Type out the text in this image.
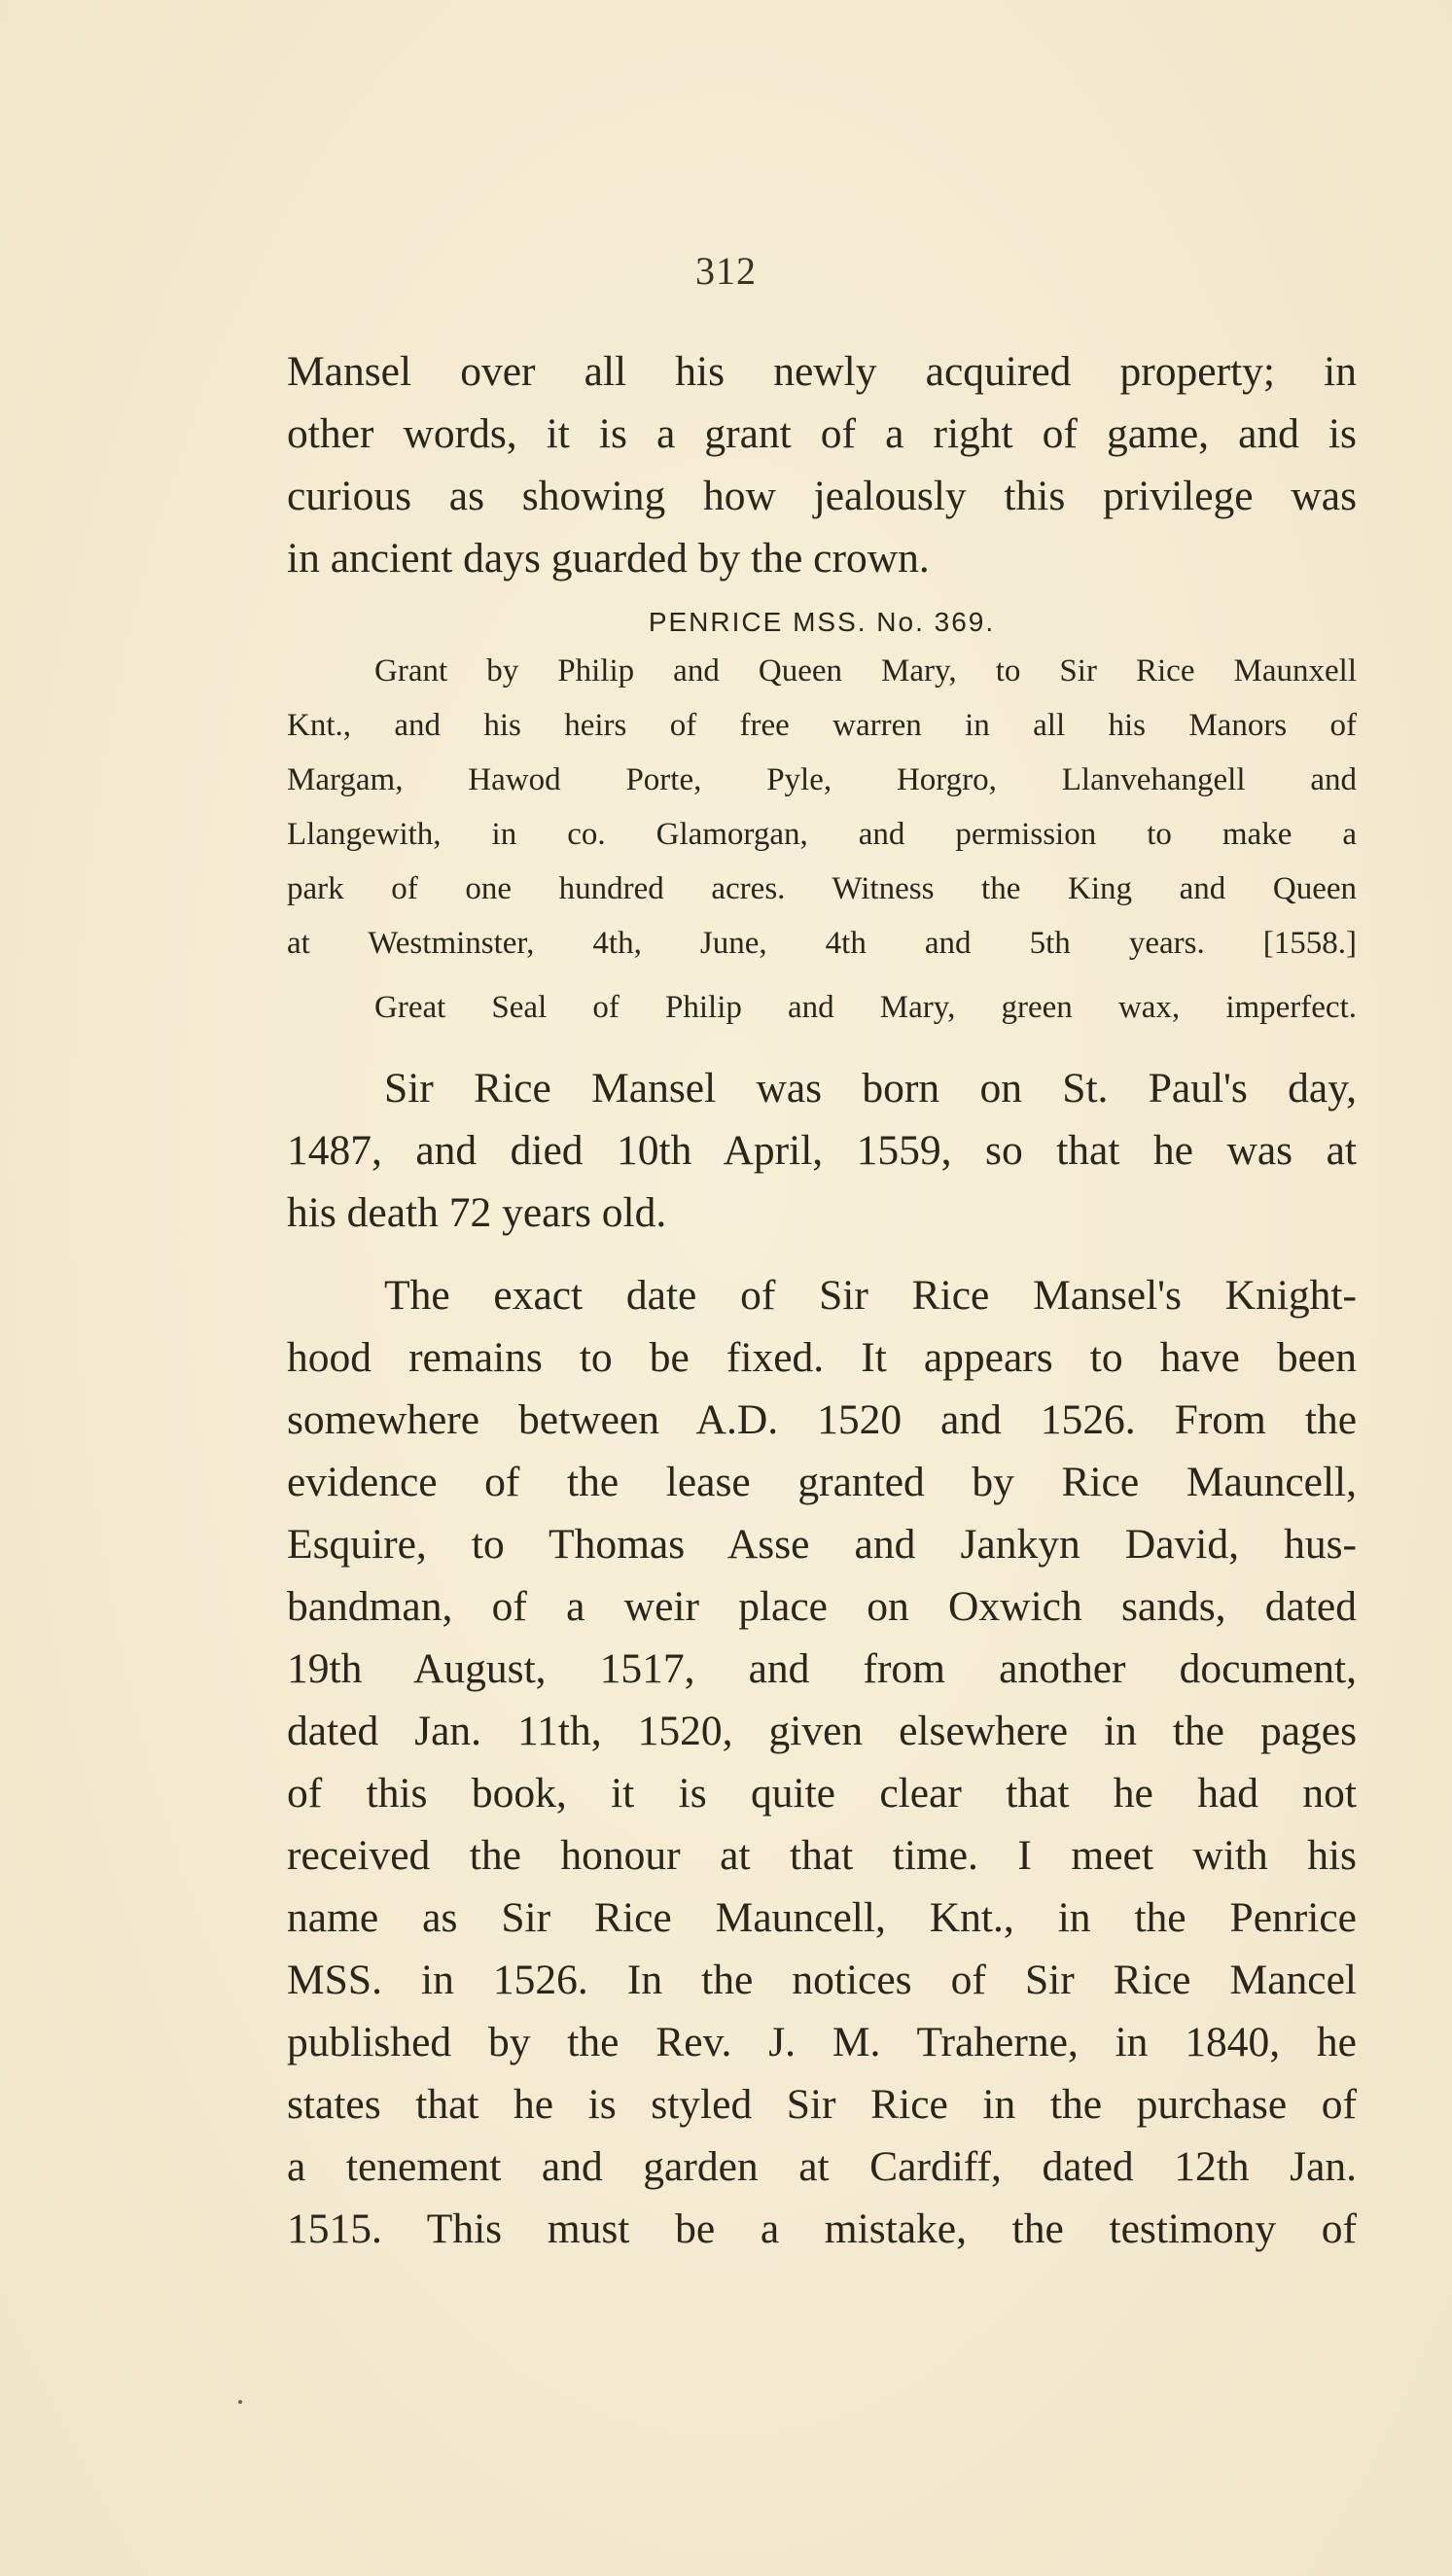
312
Mansel over all his newly acquired property; in
other words, it is a grant of a right of game, and is
curious as showing how jealously this privilege was
in ancient days guarded by the crown.
PENRICE MSS. No. 369.
Grant by Philip and Queen Mary, to Sir Rice Maunxell
Knt., and his heirs of free warren in all his Manors of
Margam, Hawod Porte, Pyle, Horgro, Llanvehangell and
Llangewith, in co. Glamorgan, and permission to make a
park of one hundred acres. Witness the King and Queen
at Westminster, 4th, June, 4th and 5th years. [1558.]
Great Seal of Philip and Mary, green wax, imperfect.
Sir Rice Mansel was born on St. Paul's day,
1487, and died 10th April, 1559, so that he was at
his death 72 years old.
The exact date of Sir Rice Mansel's Knight-
hood remains to be fixed. It appears to have been
somewhere between A.D. 1520 and 1526. From the
evidence of the lease granted by Rice Mauncell,
Esquire, to Thomas Asse and Jankyn David, hus-
bandman, of a weir place on Oxwich sands, dated
19th August, 1517, and from another document,
dated Jan. 11th, 1520, given elsewhere in the pages
of this book, it is quite clear that he had not
received the honour at that time. I meet with his
name as Sir Rice Mauncell, Knt., in the Penrice
MSS. in 1526. In the notices of Sir Rice Mancel
published by the Rev. J. M. Traherne, in 1840, he
states that he is styled Sir Rice in the purchase of
a tenement and garden at Cardiff, dated 12th Jan.
1515. This must be a mistake, the testimony of
